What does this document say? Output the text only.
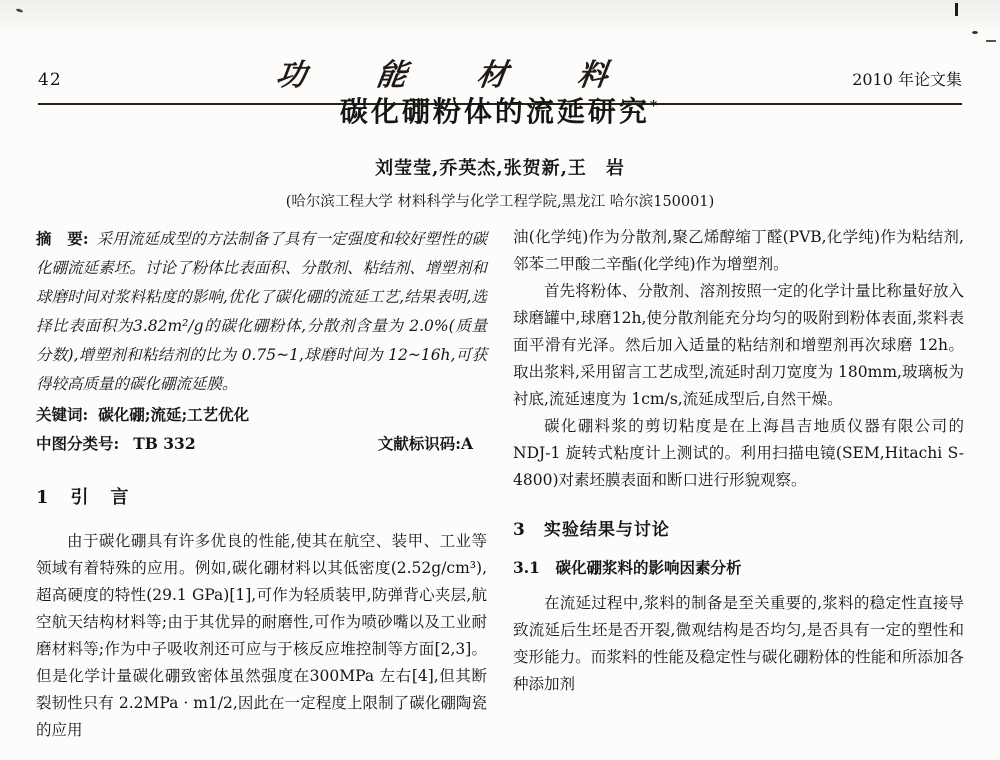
42	功 能 材 料	2010 年论文集
碳化硼粉体的流延研究*
刘莹莹,乔英杰,张贺新,王　岩
(哈尔滨工程大学 材料科学与化学工程学院,黑龙江 哈尔滨150001)

摘　要: 采用流延成型的方法制备了具有一定强度和较好塑性的碳化硼流延素坯。讨论了粉体比表面积、分散剂、粘结剂、增塑剂和球磨时间对浆料粘度的影响,优化了碳化硼的流延工艺,结果表明,选择比表面积为3.82m²/g的碳化硼粉体,分散剂含量为 2.0%(质量分数),增塑剂和粘结剂的比为 0.75~1,球磨时间为 12~16h,可获得较高质量的碳化硼流延膜。

关键词: 碳化硼;流延;工艺优化

中图分类号: TB 332	文献标识码:A

1　引　言

由于碳化硼具有许多优良的性能,使其在航空、装甲、工业等领域有着特殊的应用。例如,碳化硼材料以其低密度(2.52g/cm³),超高硬度的特性(29.1 GPa)[1],可作为轻质装甲,防弹背心夹层,航空航天结构材料等;由于其优异的耐磨性,可作为喷砂嘴以及工业耐磨材料等;作为中子吸收剂还可应与于核反应堆控制等方面[2,3]。但是化学计量碳化硼致密体虽然强度在300MPa 左右[4],但其断裂韧性只有 2.2MPa · m1/2,因此在一定程度上限制了碳化硼陶瓷的应用

油(化学纯)作为分散剂,聚乙烯醇缩丁醛(PVB,化学纯)作为粘结剂,邻苯二甲酸二辛酯(化学纯)作为增塑剂。

首先将粉体、分散剂、溶剂按照一定的化学计量比称量好放入球磨罐中,球磨12h,使分散剂能充分均匀的吸附到粉体表面,浆料表面平滑有光泽。然后加入适量的粘结剂和增塑剂再次球磨 12h。取出浆料,采用留言工艺成型,流延时刮刀宽度为 180mm,玻璃板为衬底,流延速度为 1cm/s,流延成型后,自然干燥。

碳化硼料浆的剪切粘度是在上海昌吉地质仪器有限公司的 NDJ-1 旋转式粘度计上测试的。利用扫描电镜(SEM,Hitachi S-4800)对素坯膜表面和断口进行形貌观察。

3　实验结果与讨论
3.1　碳化硼浆料的影响因素分析

在流延过程中,浆料的制备是至关重要的,浆料的稳定性直接导致流延后生坯是否开裂,微观结构是否均匀,是否具有一定的塑性和变形能力。而浆料的性能及稳定性与碳化硼粉体的性能和所添加各种添加剂
